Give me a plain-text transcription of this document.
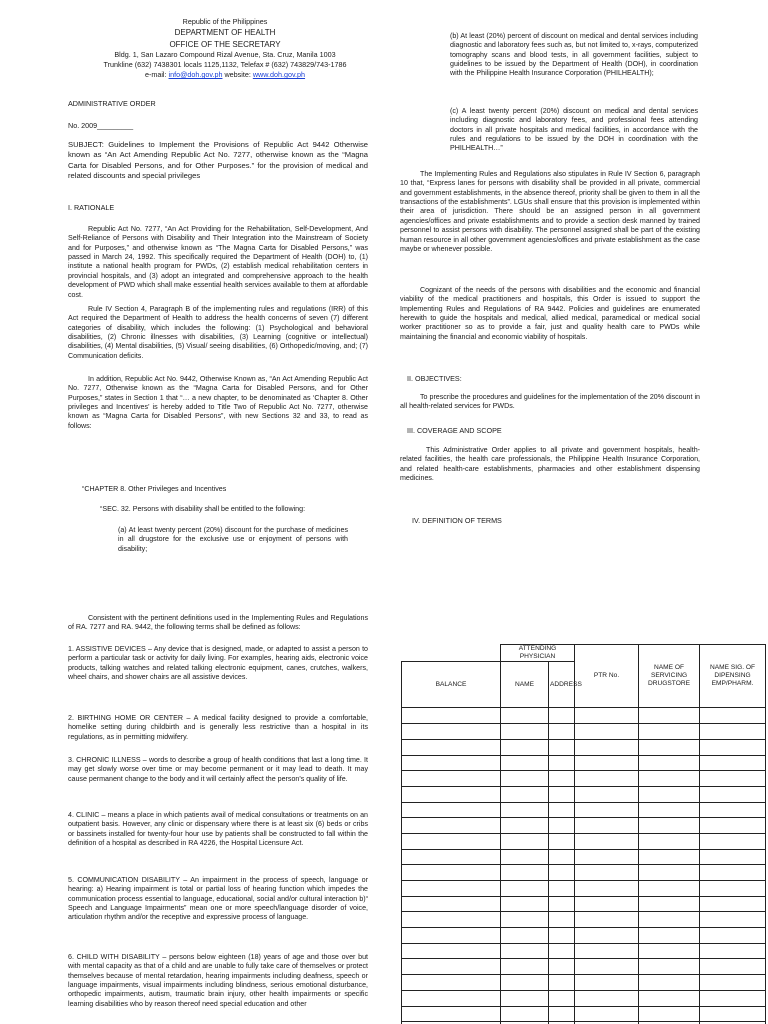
Republic of the Philippines
DEPARTMENT OF HEALTH
OFFICE OF THE SECRETARY
Bldg. 1, San Lazaro Compound Rizal Avenue, Sta. Cruz, Manila 1003
Trunkline (632) 7438301 locals 1125,1132, Telefax # (632) 743829/743-1786
e-mail: info@doh.gov.ph website: www.doh.gov.ph
ADMINISTRATIVE ORDER
No. 2009_________

SUBJECT: Guidelines to Implement the Provisions of Republic Act 9442 Otherwise known as “An Act Amending Republic Act No. 7277, otherwise known as the “Magna Carta for Disabled Persons, and for Other Purposes.” for the provision of medical and related discounts and special privileges

I. RATIONALE

Republic Act No. 7277, “An Act Providing for the Rehabilitation, Self-Development, And Self-Reliance of Persons with Disability and Their Integration into the Mainstream of Society and for Purposes,” and otherwise known as “The Magna Carta for Disabled Persons,” was passed in March 24, 1992. This specifically required the Department of Health (DOH) to, (1) institute a national health program for PWDs, (2) establish medical rehabilitation centers in provincial hospitals, and (3) adopt an integrated and comprehensive approach to the health development of PWD which shall make essential health services available to them at affordable cost.

Rule IV Section 4, Paragraph B of the implementing rules and regulations (IRR) of this Act required the Department of Health to address the health concerns of seven (7) different categories of disability, which includes the following: (1) Psychological and behavioral disabilities, (2) Chronic illnesses with disabilities, (3) Learning (cognitive or intellectual) disabilities, (4) Mental disabilities, (5) Visual/ seeing disabilities, (6) Orthopedic/moving, and; (7) Communication deficits.

In addition, Republic Act No. 9442, Otherwise Known as, “An Act Amending Republic Act No. 7277, Otherwise known as the “Magna Carta for Disabled Persons, and for Other Purposes,” states in Section 1 that “… a new chapter, to be denominated as ‘Chapter 8. Other privileges and Incentives’ is hereby added to Title Two of Republic Act No. 7277, otherwise known as “Magna Carta for Disabled Persons”, with new Sections 32 and 33, to read as follows:

“CHAPTER 8. Other Privileges and Incentives
“SEC. 32. Persons with disability shall be entitled to the following:

(a) At least twenty percent (20%) discount for the purchase of medicines in all drugstore for the exclusive use or enjoyment of persons with disability;

(b) At least (20%) percent of discount on medical and dental services including diagnostic and laboratory fees such as, but not limited to, x-rays, computerized tomography scans and blood tests, in all government facilities, subject to guidelines to be issued by the Department of Health (DOH), in coordination with the Philippine Health Insurance Corporation (PHILHEALTH);

(c) A least twenty percent (20%) discount on medical and dental services including diagnostic and laboratory fees, and professional fees attending doctors in all private hospitals and medical facilities, in accordance with the rules and regulations to be issued by the DOH in coordination with the PHILHEALTH…”

The Implementing Rules and Regulations also stipulates in Rule IV Section 6, paragraph 10 that, “Express lanes for persons with disability shall be provided in all private, commercial and government establishments, in the absence thereof, priority shall be given to them in all the transactions of the establishments”. LGUs shall ensure that this provision is implemented within their area of jurisdiction. There should be an assigned person in all government agencies/offices and private establishments and to provide a section desk manned by trained personnel to assist persons with disability. The personnel assigned shall be part of the existing human resource in all other government agencies/offices and private establishment as the case maybe or whenever possible.

Cognizant of the needs of the persons with disabilities and the economic and financial viability of the medical practitioners and hospitals, this Order is issued to support the Implementing Rules and Regulations of RA 9442. Policies and guidelines are enumerated herewith to guide the hospitals and medical, allied medical, paramedical or medical social worker practitioner so as to provide a fair, just and quality health care to PWDs while maintaining the financial and economic viability of hospitals.

II. OBJECTIVES:

To prescribe the procedures and guidelines for the implementation of the 20% discount in all health-related services for PWDs.

III. COVERAGE AND SCOPE

This Administrative Order applies to all private and government hospitals, health-related facilities, the health care professionals, the Philippine Health Insurance Corporation, and related health-care establishments, pharmacies and other establishment dispensing medicines.

IV. DEFINITION OF TERMS

Consistent with the pertinent definitions used in the Implementing Rules and Regulations of RA. 7277 and RA. 9442, the following terms shall be defined as follows:

1. ASSISTIVE DEVICES – Any device that is designed, made, or adapted to assist a person to perform a particular task or activity for daily living. For examples, hearing aids, electronic voice products, talking watches and related talking electronic equipment, canes, crutches, walkers, wheel chairs, and shower chairs are all assistive devices.

2. BIRTHING HOME OR CENTER – A medical facility designed to provide a comfortable, homelike setting during childbirth and is generally less restrictive than a hospital in its regulations, as in permitting midwifery.

3. CHRONIC ILLNESS – words to describe a group of health conditions that last a long time. It may get slowly worse over time or may become permanent or it may lead to death. It may cause permanent change to the body and it will certainly affect the person's quality of life.

4. CLINIC – means a place in which patients avail of medical consultations or treatments on an outpatient basis. However, any clinic or dispensary where there is at least six (6) beds or cribs or bassinets installed for twenty-four hour use by patients shall be constructed to fall within the definition of a hospital as described in RA 4226, the Hospital Licensure Act.

5. COMMUNICATION DISABILITY – An impairment in the process of speech, language or hearing: a) Hearing impairment is total or partial loss of hearing function which impedes the communication process essential to language, educational, social and/or cultural interaction b)“ Speech and Language Impairments” mean one or more speech/language disorder of voice, articulation rhythm and/or the receptive and expressive process of language.

6. CHILD WITH DISABILITY – persons below eighteen (18) years of age and those over but with mental capacity as that of a child and are unable to fully take care of themselves or protect themselves because of mental retardation, hearing impairments including deafness, speech or language impairments, visual impairments including blindness, serious emotional disturbance, orthopedic impairments, autism, traumatic brain injury, other health impairments or specific learning disabilities who by reason thereof need special education and other

	ATTENDING PHYSICIAN		PTR No.	NAME OF SERVICING DRUGSTORE	NAME SIG. OF DIPENSING EMP/PHARM.
BALANCE	NAME	ADDRESS			
